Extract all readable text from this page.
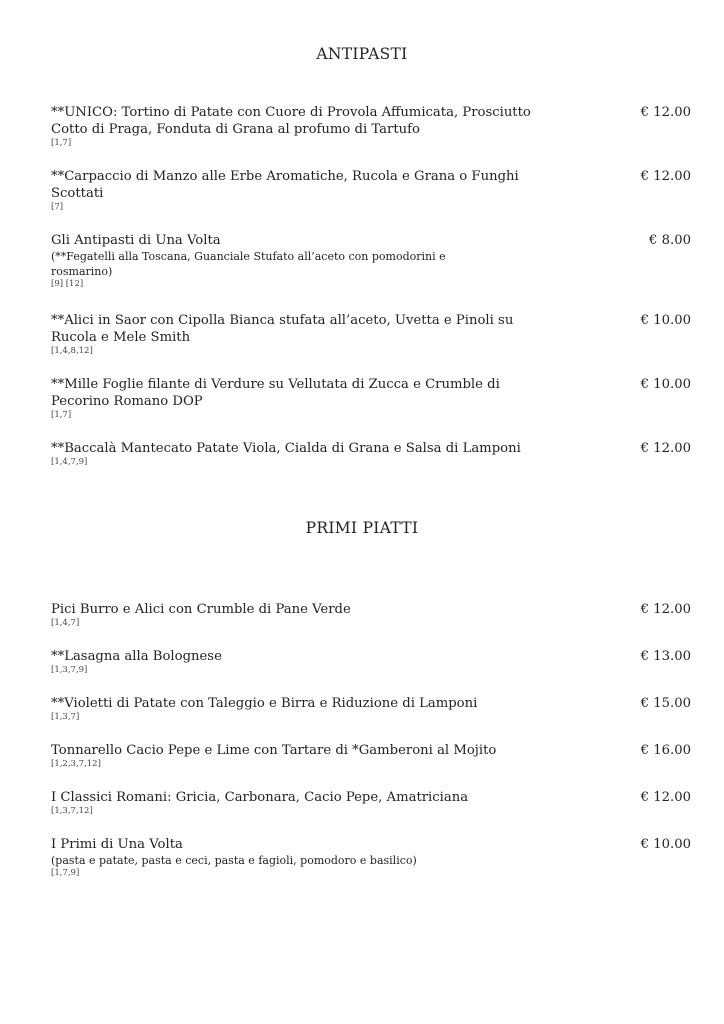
ANTIPASTI
**UNICO: Tortino di Patate con Cuore di Provola Affumicata, Prosciutto
Cotto di Praga, Fonduta di Grana al profumo di Tartufo
[1,7]
€ 12.00
**Carpaccio di Manzo alle Erbe Aromatiche, Rucola e Grana o Funghi
Scottati
[7]
€ 12.00
Gli Antipasti di Una Volta
(**Fegatelli alla Toscana, Guanciale Stufato all’aceto con pomodorini e
rosmarino)
[9] [12]
€ 8.00
**Alici in Saor con Cipolla Bianca stufata all’aceto, Uvetta e Pinoli su
Rucola e Mele Smith
[1,4,8,12]
€ 10.00
**Mille Foglie filante di Verdure su Vellutata di Zucca e Crumble di
Pecorino Romano DOP
[1,7]
€ 10.00
**Baccalà Mantecato Patate Viola, Cialda di Grana e Salsa di Lamponi
[1,4,7,9]
€ 12.00
PRIMI PIATTI
Pici Burro e Alici con Crumble di Pane Verde
[1,4,7]
€ 12.00
**Lasagna alla Bolognese
[1,3,7,9]
€ 13.00
**Violetti di Patate con Taleggio e Birra e Riduzione di Lamponi
[1,3,7]
€ 15.00
Tonnarello Cacio Pepe e Lime con Tartare di *Gamberoni al Mojito
[1,2,3,7,12]
€ 16.00
I Classici Romani: Gricia, Carbonara, Cacio Pepe, Amatriciana
[1,3,7,12]
€ 12.00
I Primi di Una Volta
(pasta e patate, pasta e ceci, pasta e fagioli, pomodoro e basilico)
[1,7,9]
€ 10.00
